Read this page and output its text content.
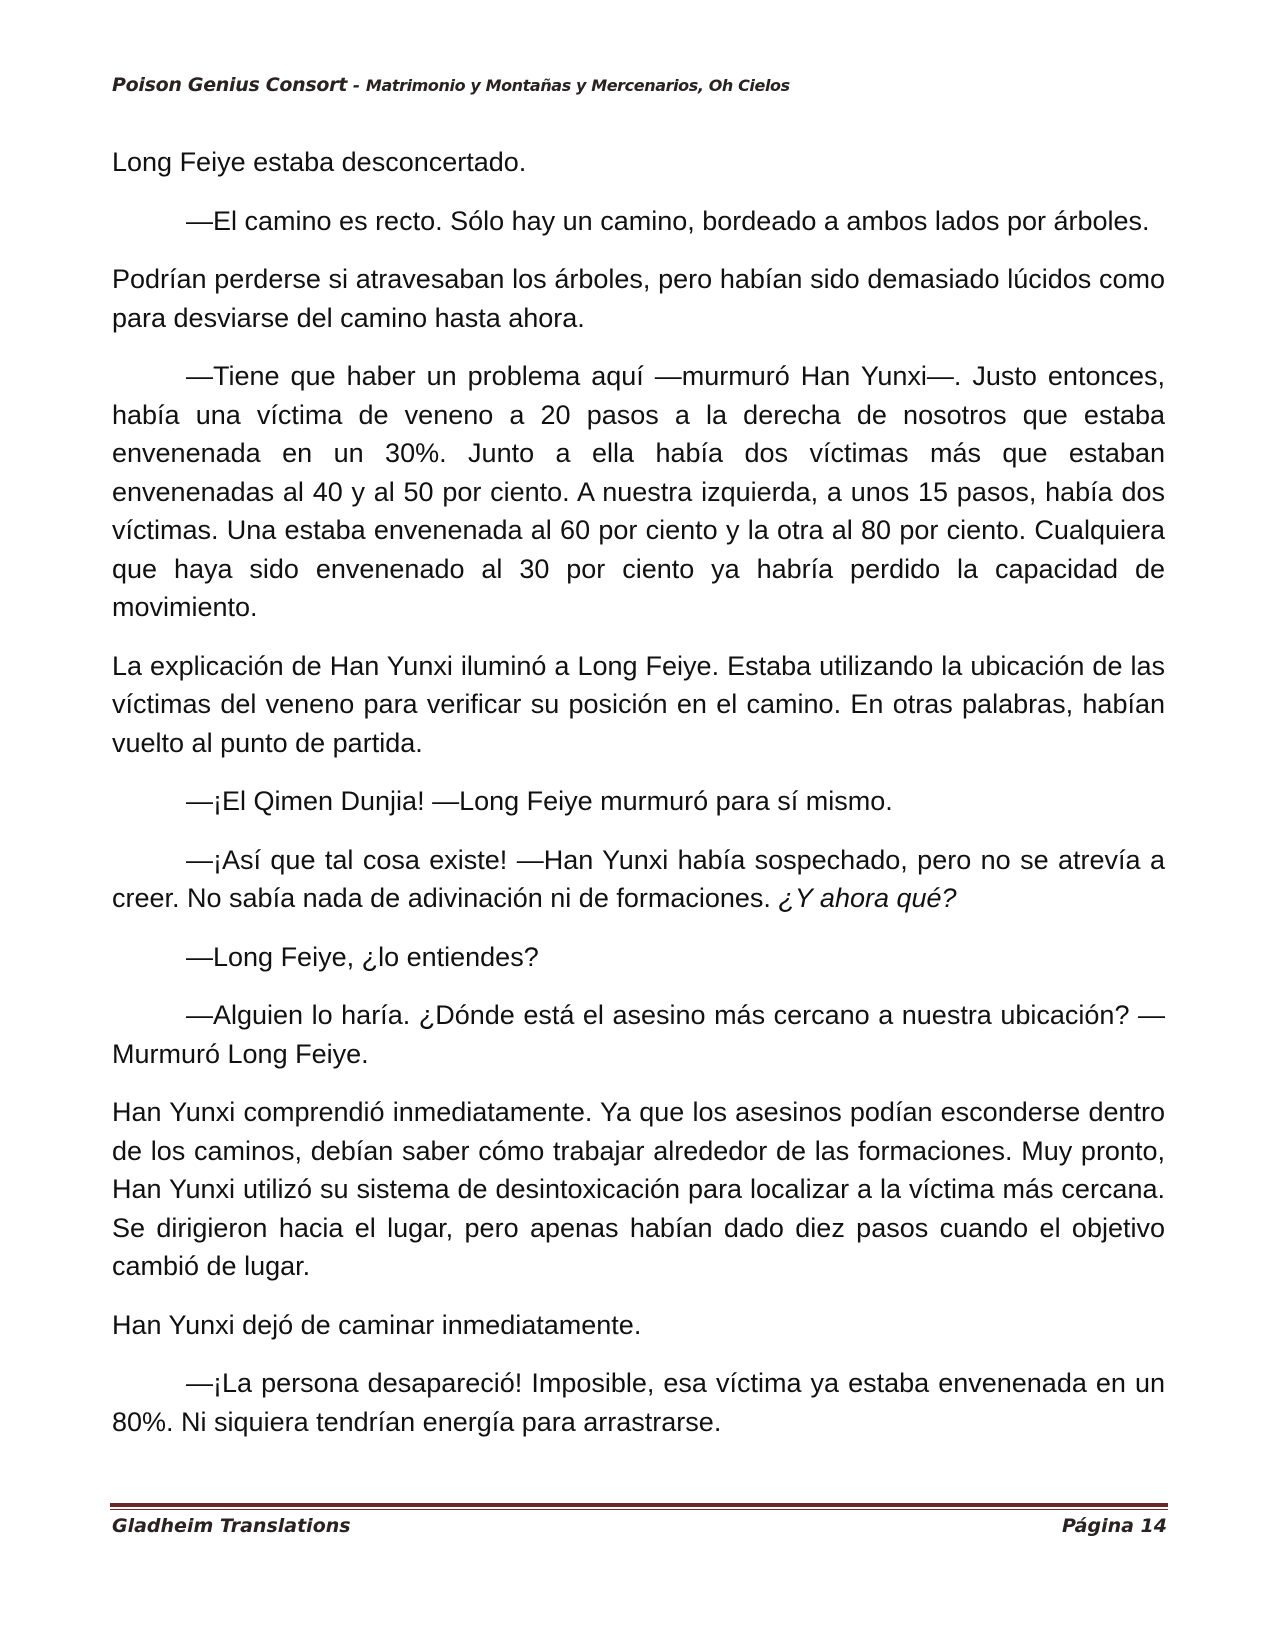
Poison Genius Consort - Matrimonio y Montañas y Mercenarios, Oh Cielos

Long Feiye estaba desconcertado.

—El camino es recto. Sólo hay un camino, bordeado a ambos lados por árboles.

Podrían perderse si atravesaban los árboles, pero habían sido demasiado lúcidos como para desviarse del camino hasta ahora.

—Tiene que haber un problema aquí —murmuró Han Yunxi—. Justo entonces, había una víctima de veneno a 20 pasos a la derecha de nosotros que estaba envenenada en un 30%. Junto a ella había dos víctimas más que estaban envenenadas al 40 y al 50 por ciento. A nuestra izquierda, a unos 15 pasos, había dos víctimas. Una estaba envenenada al 60 por ciento y la otra al 80 por ciento. Cualquiera que haya sido envenenado al 30 por ciento ya habría perdido la capacidad de movimiento.

La explicación de Han Yunxi iluminó a Long Feiye. Estaba utilizando la ubicación de las víctimas del veneno para verificar su posición en el camino. En otras palabras, habían vuelto al punto de partida.

—¡El Qimen Dunjia! —Long Feiye murmuró para sí mismo.

—¡Así que tal cosa existe! —Han Yunxi había sospechado, pero no se atrevía a creer. No sabía nada de adivinación ni de formaciones. ¿Y ahora qué?

—Long Feiye, ¿lo entiendes?

—Alguien lo haría. ¿Dónde está el asesino más cercano a nuestra ubicación? —Murmuró Long Feiye.

Han Yunxi comprendió inmediatamente. Ya que los asesinos podían esconderse dentro de los caminos, debían saber cómo trabajar alrededor de las formaciones. Muy pronto, Han Yunxi utilizó su sistema de desintoxicación para localizar a la víctima más cercana. Se dirigieron hacia el lugar, pero apenas habían dado diez pasos cuando el objetivo cambió de lugar.

Han Yunxi dejó de caminar inmediatamente.

—¡La persona desapareció! Imposible, esa víctima ya estaba envenenada en un 80%. Ni siquiera tendrían energía para arrastrarse.

Gladheim Translations	Página 14
